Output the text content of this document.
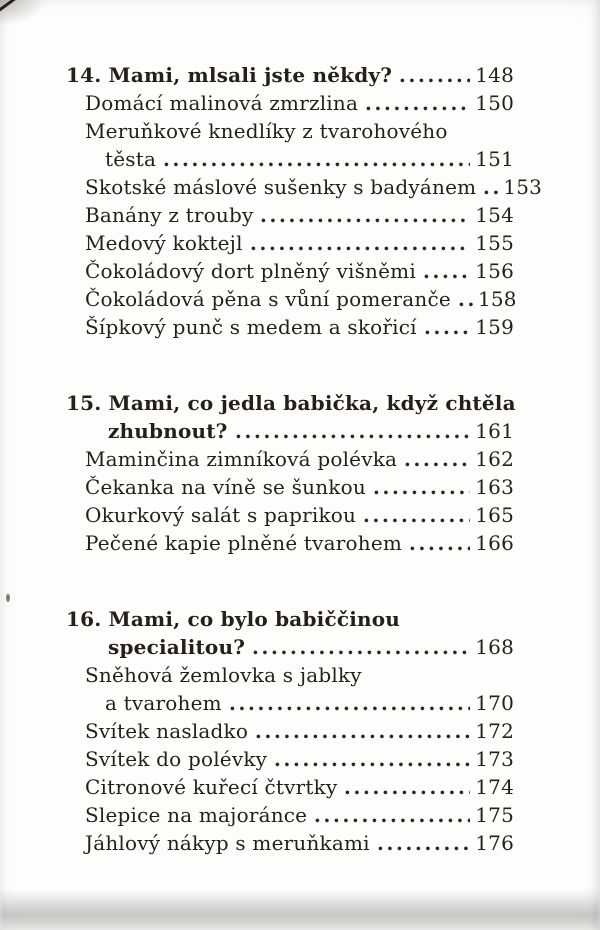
14. Mami, mlsali jste někdy?	148
Domácí malinová zmrzlina	150
Meruňkové knedlíky z tvarohového
těsta	151
Skotské máslové sušenky s badyánem 153
Banány z trouby	154
Medový koktejl	155
Čokoládový dort plněný višněmi	156
Čokoládová pěna s vůní pomeranče 158
Šípkový punč s medem a skořicí	159
15. Mami, co jedla babička, když chtěla
zhubnout?	161
Maminčina zimníková polévka	162
Čekanka na víně se šunkou	163
Okurkový salát s paprikou	165
Pečené kapie plněné tvarohem	166
16. Mami, co bylo babiččinou
specialitou?	168
Sněhová žemlovka s jablky
a tvarohem	170
Svítek nasladko	172
Svítek do polévky	173
Citronové kuřecí čtvrtky	174
Slepice na majoránce	175
Jáhlový nákyp s meruňkami	176
